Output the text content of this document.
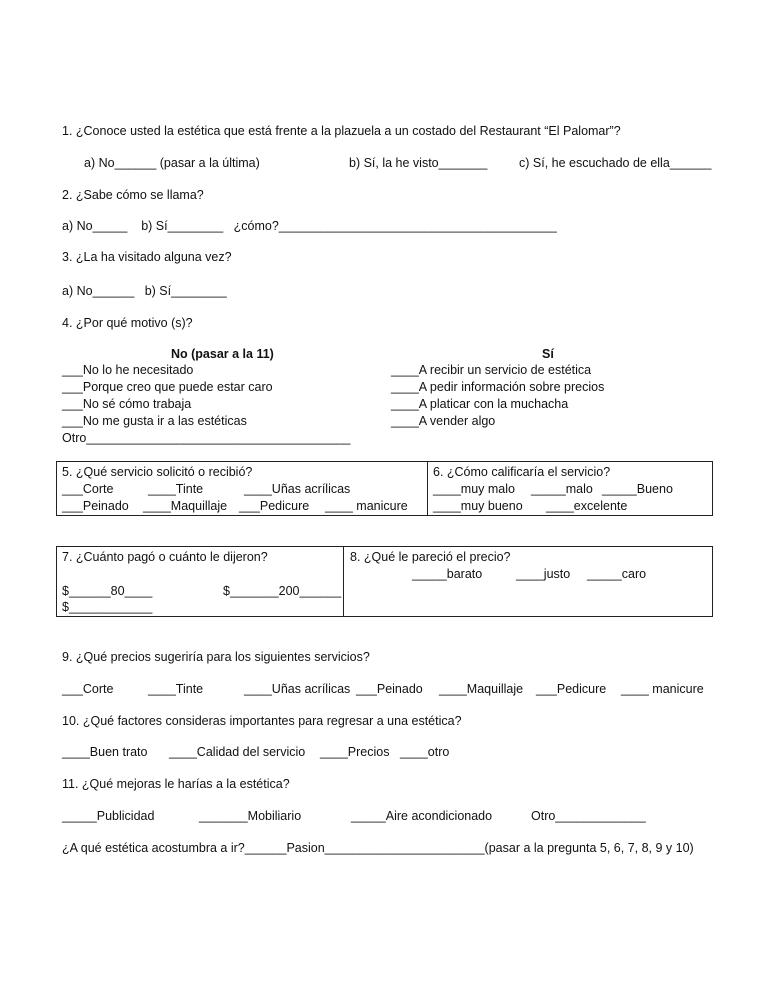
1. ¿Conoce usted la estética que está frente a la plazuela a un costado del Restaurant “El Palomar”?
a) No______ (pasar a la última)	b) Sí, la he visto_______	c) Sí, he escuchado de ella______
2. ¿Sabe cómo se llama?
a) No_____    b) Sí________   ¿cómo?________________________________________
3. ¿La ha visitado alguna vez?
a) No______   b) Sí________
4. ¿Por qué motivo (s)?
No (pasar a la 11)
___No lo he necesitado
___Porque creo que puede estar caro
___No sé cómo trabaja
___No me gusta ir a las estéticas
Otro______________________________________
Sí
____A recibir un servicio de estética
____A pedir información sobre precios
____A platicar con la muchacha
____A vender algo
5. ¿Qué servicio solicitó o recibió?
___Corte	____Tinte	____Uñas acrílicas
___Peinado ____Maquillaje ___Pedicure ____ manicure
6. ¿Cómo calificaría el servicio?
____muy malo _____malo _____Bueno
____muy bueno ____excelente
7. ¿Cuánto pagó o cuánto le dijeron?
$______80____	$_______200______
$____________
8. ¿Qué le pareció el precio?
_____barato	____justo _____caro
9. ¿Qué precios sugeriría para los siguientes servicios?
___Corte	____Tinte	____Uñas acrílicas ___Peinado ____Maquillaje ___Pedicure ____ manicure
10. ¿Qué factores consideras importantes para regresar a una estética?
____Buen trato ____Calidad del servicio ____Precios ____otro
11. ¿Qué mejoras le harías a la estética?
_____Publicidad	_______Mobiliario	_____Aire acondicionado	Otro_____________
¿A qué estética acostumbra a ir?______Pasion_______________________(pasar a la pregunta 5, 6, 7, 8, 9 y 10)
